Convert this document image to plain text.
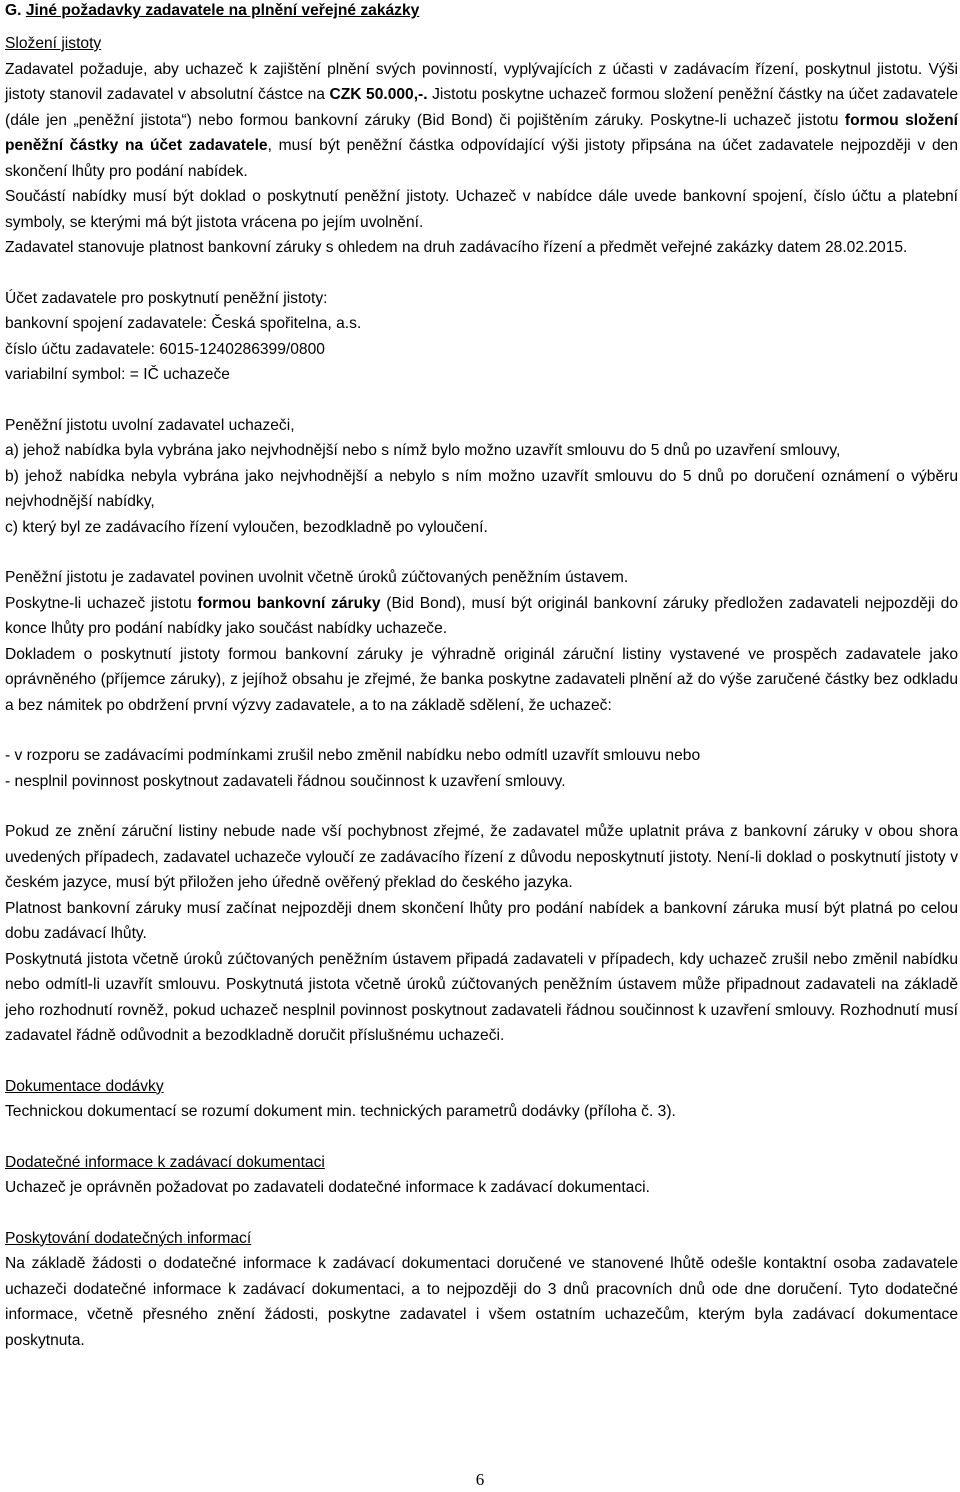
G. Jiné požadavky zadavatele na plnění veřejné zakázky

Složení jistoty

Zadavatel požaduje, aby uchazeč k zajištění plnění svých povinností, vyplývajících z účasti v zadávacím řízení, poskytnul jistotu. Výši jistoty stanovil zadavatel v absolutní částce na CZK 50.000,-. Jistotu poskytne uchazeč formou složení peněžní částky na účet zadavatele (dále jen „peněžní jistota“) nebo formou bankovní záruky (Bid Bond) či pojištěním záruky. Poskytne-li uchazeč jistotu formou složení peněžní částky na účet zadavatele, musí být peněžní částka odpovídající výši jistoty připsána na účet zadavatele nejpozději v den skončení lhůty pro podání nabídek.

Součástí nabídky musí být doklad o poskytnutí peněžní jistoty. Uchazeč v nabídce dále uvede bankovní spojení, číslo účtu a platební symboly, se kterými má být jistota vrácena po jejím uvolnění.

Zadavatel stanovuje platnost bankovní záruky s ohledem na druh zadávacího řízení a předmět veřejné zakázky datem 28.02.2015.

Účet zadavatele pro poskytnutí peněžní jistoty:

bankovní spojení zadavatele: Česká spořitelna, a.s.

číslo účtu zadavatele: 6015-1240286399/0800

variabilní symbol: = IČ uchazeče

Peněžní jistotu uvolní zadavatel uchazeči,

a) jehož nabídka byla vybrána jako nejvhodnější nebo s nímž bylo možno uzavřít smlouvu do 5 dnů po uzavření smlouvy,

b) jehož nabídka nebyla vybrána jako nejvhodnější a nebylo s ním možno uzavřít smlouvu do 5 dnů po doručení oznámení o výběru nejvhodnější nabídky,

c) který byl ze zadávacího řízení vyloučen, bezodkladně po vyloučení.

Peněžní jistotu je zadavatel povinen uvolnit včetně úroků zúčtovaných peněžním ústavem.

Poskytne-li uchazeč jistotu formou bankovní záruky (Bid Bond), musí být originál bankovní záruky předložen zadavateli nejpozději do konce lhůty pro podání nabídky jako součást nabídky uchazeče.

Dokladem o poskytnutí jistoty formou bankovní záruky je výhradně originál záruční listiny vystavené ve prospěch zadavatele jako oprávněného (příjemce záruky), z jejíhož obsahu je zřejmé, že banka poskytne zadavateli plnění až do výše zaručené částky bez odkladu a bez námitek po obdržení první výzvy zadavatele, a to na základě sdělení, že uchazeč:

- v rozporu se zadávacími podmínkami zrušil nebo změnil nabídku nebo odmítl uzavřít smlouvu nebo

- nesplnil povinnost poskytnout zadavateli řádnou součinnost k uzavření smlouvy.

Pokud ze znění záruční listiny nebude nade vší pochybnost zřejmé, že zadavatel může uplatnit práva z bankovní záruky v obou shora uvedených případech, zadavatel uchazeče vyloučí ze zadávacího řízení z důvodu neposkytnutí jistoty. Není-li doklad o poskytnutí jistoty v českém jazyce, musí být přiložen jeho úředně ověřený překlad do českého jazyka.

Platnost bankovní záruky musí začínat nejpozději dnem skončení lhůty pro podání nabídek a bankovní záruka musí být platná po celou dobu zadávací lhůty.

Poskytnutá jistota včetně úroků zúčtovaných peněžním ústavem připadá zadavateli v případech, kdy uchazeč zrušil nebo změnil nabídku nebo odmítl-li uzavřít smlouvu. Poskytnutá jistota včetně úroků zúčtovaných peněžním ústavem může připadnout zadavateli na základě jeho rozhodnutí rovněž, pokud uchazeč nesplnil povinnost poskytnout zadavateli řádnou součinnost k uzavření smlouvy. Rozhodnutí musí zadavatel řádně odůvodnit a bezodkladně doručit příslušnému uchazeči.

Dokumentace dodávky

Technickou dokumentací se rozumí dokument min. technických parametrů dodávky (příloha č. 3).

Dodatečné informace k zadávací dokumentaci

Uchazeč je oprávněn požadovat po zadavateli dodatečné informace k zadávací dokumentaci.

Poskytování dodatečných informací

Na základě žádosti o dodatečné informace k zadávací dokumentaci doručené ve stanovené lhůtě odešle kontaktní osoba zadavatele uchazeči dodatečné informace k zadávací dokumentaci, a to nejpozději do 3 dnů pracovních dnů ode dne doručení. Tyto dodatečné informace, včetně přesného znění žádosti, poskytne zadavatel i všem ostatním uchazečům, kterým byla zadávací dokumentace poskytnuta.

6
